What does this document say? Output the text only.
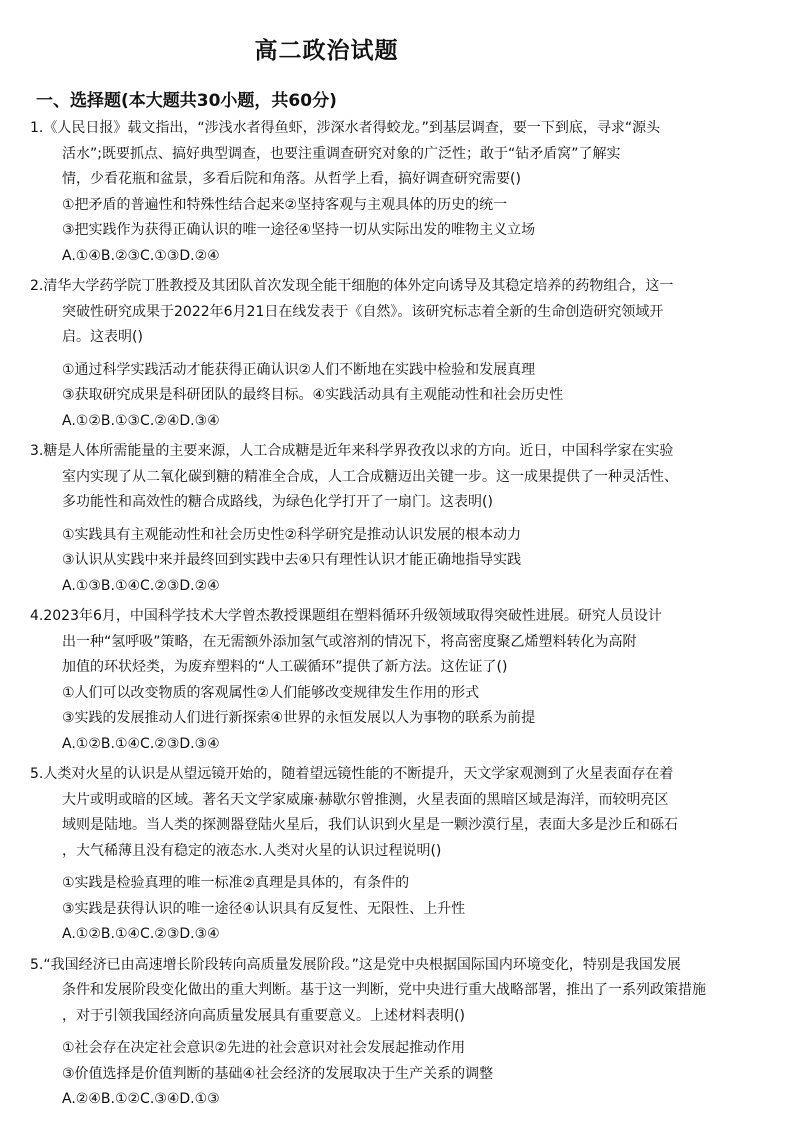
高二政治试题
一、选择题(本大题共30小题，共60分)
1.《人民日报》载文指出，“涉浅水者得鱼虾，涉深水者得蛟龙。”到基层调查，要一下到底，寻求“源头
活水”;既要抓点、搞好典型调查，也要注重调查研究对象的广泛性；敢于“钻矛盾窝”了解实
情，少看花瓶和盆景，多看后院和角落。从哲学上看，搞好调查研究需要()
①把矛盾的普遍性和特殊性结合起来②坚持客观与主观具体的历史的统一
③把实践作为获得正确认识的唯一途径④坚持一切从实际出发的唯物主义立场
A.①④B.②③C.①③D.②④
2.清华大学药学院丁胜教授及其团队首次发现全能干细胞的体外定向诱导及其稳定培养的药物组合，这一
突破性研究成果于2022年6月21日在线发表于《自然》。该研究标志着全新的生命创造研究领域开
启。这表明()
①通过科学实践活动才能获得正确认识②人们不断地在实践中检验和发展真理
③获取研究成果是科研团队的最终目标。④实践活动具有主观能动性和社会历史性
A.①②B.①③C.②④D.③④
3.糖是人体所需能量的主要来源，人工合成糖是近年来科学界孜孜以求的方向。近日，中国科学家在实验
室内实现了从二氧化碳到糖的精准全合成，人工合成糖迈出关键一步。这一成果提供了一种灵活性、
多功能性和高效性的糖合成路线，为绿色化学打开了一扇门。这表明()
①实践具有主观能动性和社会历史性②科学研究是推动认识发展的根本动力
③认识从实践中来并最终回到实践中去④只有理性认识才能正确地指导实践
A.①③B.①④C.②③D.②④
4.2023年6月，中国科学技术大学曾杰教授课题组在塑料循环升级领域取得突破性进展。研究人员设计
出一种“氢呼吸”策略，在无需额外添加氢气或溶剂的情况下，将高密度聚乙烯塑料转化为高附
加值的环状烃类，为废弃塑料的“人工碳循环”提供了新方法。这佐证了()
①人们可以改变物质的客观属性②人们能够改变规律发生作用的形式
③实践的发展推动人们进行新探索④世界的永恒发展以人为事物的联系为前提
A.①②B.①④C.②③D.③④
5.人类对火星的认识是从望远镜开始的，随着望远镜性能的不断提升，天文学家观测到了火星表面存在着
大片或明或暗的区域。著名天文学家威廉·赫歇尔曾推测，火星表面的黑暗区域是海洋，而较明亮区
域则是陆地。当人类的探测器登陆火星后，我们认识到火星是一颗沙漠行星，表面大多是沙丘和砾石
，大气稀薄且没有稳定的液态水.人类对火星的认识过程说明()
①实践是检验真理的唯一标准②真理是具体的，有条件的
③实践是获得认识的唯一途径④认识具有反复性、无限性、上升性
A.①②B.①④C.②③D.③④
5.“我国经济已由高速增长阶段转向高质量发展阶段。”这是党中央根据国际国内环境变化，特别是我国发展
条件和发展阶段变化做出的重大判断。基于这一判断，党中央进行重大战略部署，推出了一系列政策措施
，对于引领我国经济向高质量发展具有重要意义。上述材料表明()
①社会存在决定社会意识②先进的社会意识对社会发展起推动作用
③价值选择是价值判断的基础④社会经济的发展取决于生产关系的调整
A.②④B.①②C.③④D.①③
